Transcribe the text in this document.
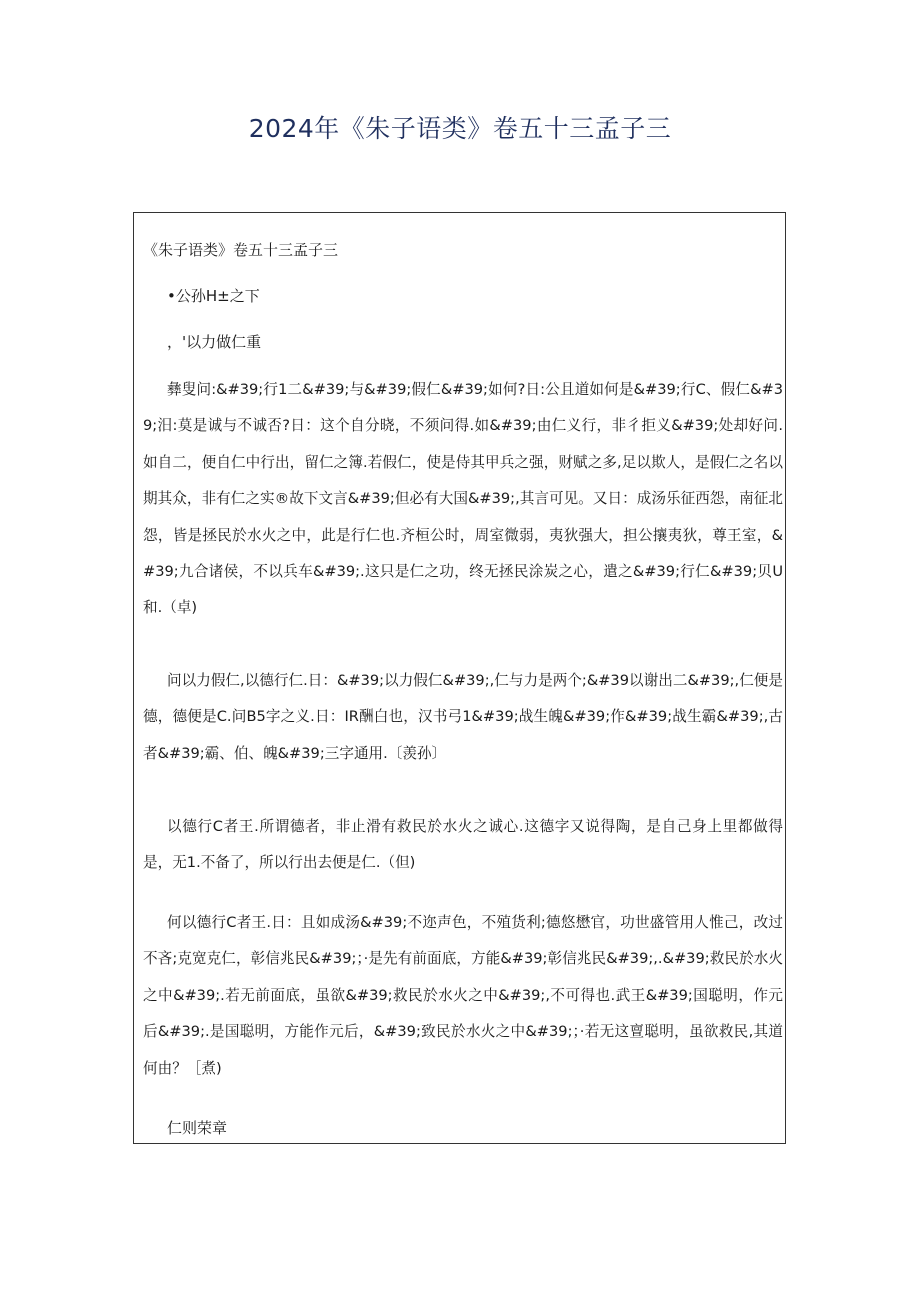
2024年《朱子语类》卷五十三孟子三
《朱子语类》卷五十三孟子三
•公孙H±之下
，'以力做仁重

彝叟问:&#39;行1二&#39;与&#39;假仁&#39;如何?日:公且道如何是&#39;行C、假仁&#39;汨:莫是诚与不诚否?日：这个自分晓，不须问得.如&#39;由仁义行，非彳拒义&#39;处却好问.如自二，便自仁中行出，留仁之簿.若假仁，使是侍其甲兵之强，财赋之多,足以欺人，是假仁之名以期其众，非有仁之实®故下文言&#39;但必有大国&#39;,其言可见。又日：成汤乐征西怨，南征北怨，皆是拯民於水火之中，此是行仁也.齐桓公时，周室微弱，夷狄强大，担公攘夷狄，尊王室，&#39;九合诸侯，不以兵车&#39;.这只是仁之功，终无拯民涂炭之心，遣之&#39;行仁&#39;贝U和.（卓)

问以力假仁,以德行仁.日：&#39;以力假仁&#39;,仁与力是两个;&#39以谢出二&#39;,仁便是德，德便是C.问B5字之义.日：IR酬白也，汉书弓1&#39;战生魄&#39;作&#39;战生霸&#39;,古者&#39;霸、伯、魄&#39;三字通用.〔羡孙〕

以德行C者王.所谓德者，非止滑有救民於水火之诚心.这德字又说得陶，是自己身上里都做得是，无1.不备了，所以行出去便是仁.（但)

何以德行C者王.日：且如成汤&#39;不迩声色，不殖货利;德悠懋官，功世盛管用人惟己，改过不吝;克宽克仁，彰信兆民&#39;；·是先有前面底，方能&#39;彰信兆民&#39;,.&#39;救民於水火之中&#39;.若无前面底，虽欲&#39;救民於水火之中&#39;,不可得也.武王&#39;国聪明，作元后&#39;.是国聪明，方能作元后，&#39;致民於水火之中&#39;；·若无这亶聪明，虽欲救民,其道何由？［煮)

仁则荣章
